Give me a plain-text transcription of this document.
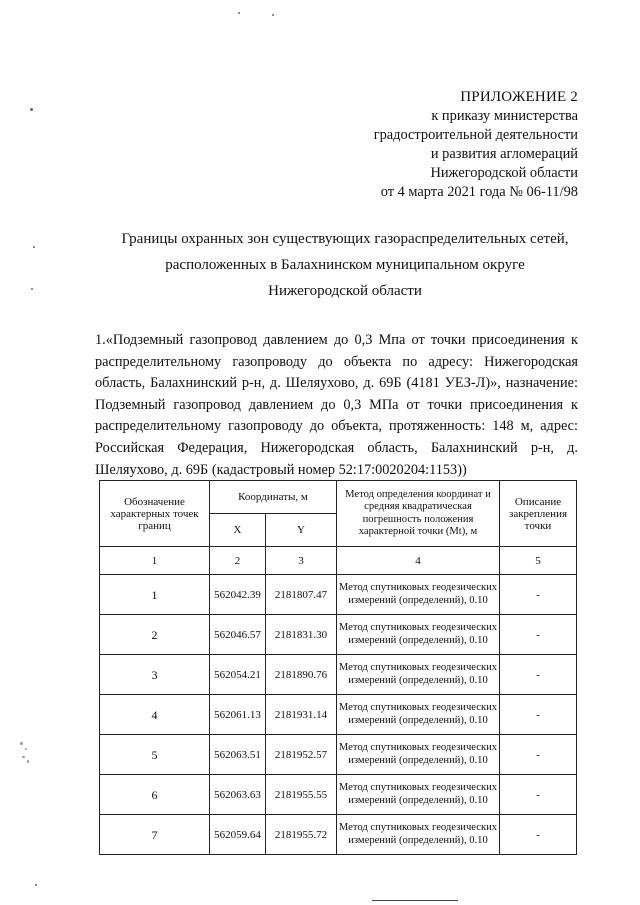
ПРИЛОЖЕНИЕ 2
к приказу министерства
градостроительной деятельности
и развития агломераций
Нижегородской области
от 4 марта 2021 года № 06-11/98
Границы охранных зон существующих газораспределительных сетей,
расположенных в Балахнинском муниципальном округе
Нижегородской области
1.«Подземный газопровод давлением до 0,3 Мпа от точки присоединения к
распределительному газопроводу до объекта по адресу: Нижегородская
область, Балахнинский р-н, д. Шеляухово, д. 69Б (4181 УЕЗ-Л)», назначение:
Подземный газопровод давлением до 0,3 МПа от точки присоединения к
распределительному газопроводу до объекта, протяженность: 148 м, адрес:
Российская Федерация, Нижегородская область, Балахнинский р-н, д.
Шеляухово, д. 69Б (кадастровый номер 52:17:0020204:1153))
Обозначение характерных точек границ	Координаты, м		Метод определения координат и средняя квадратическая погрешность положения характерной точки (Mt), м	Описание закрепления точки
	X	Y		
1	2	3	4	5
1	562042.39	2181807.47	Метод спутниковых геодезических измерений (определений), 0.10	-
2	562046.57	2181831.30	Метод спутниковых геодезических измерений (определений), 0.10	-
3	562054.21	2181890.76	Метод спутниковых геодезических измерений (определений), 0.10	-
4	562061.13	2181931.14	Метод спутниковых геодезических измерений (определений), 0.10	-
5	562063.51	2181952.57	Метод спутниковых геодезических измерений (определений), 0.10	-
6	562063.63	2181955.55	Метод спутниковых геодезических измерений (определений), 0.10	-
7	562059.64	2181955.72	Метод спутниковых геодезических измерений (определений), 0.10	-
